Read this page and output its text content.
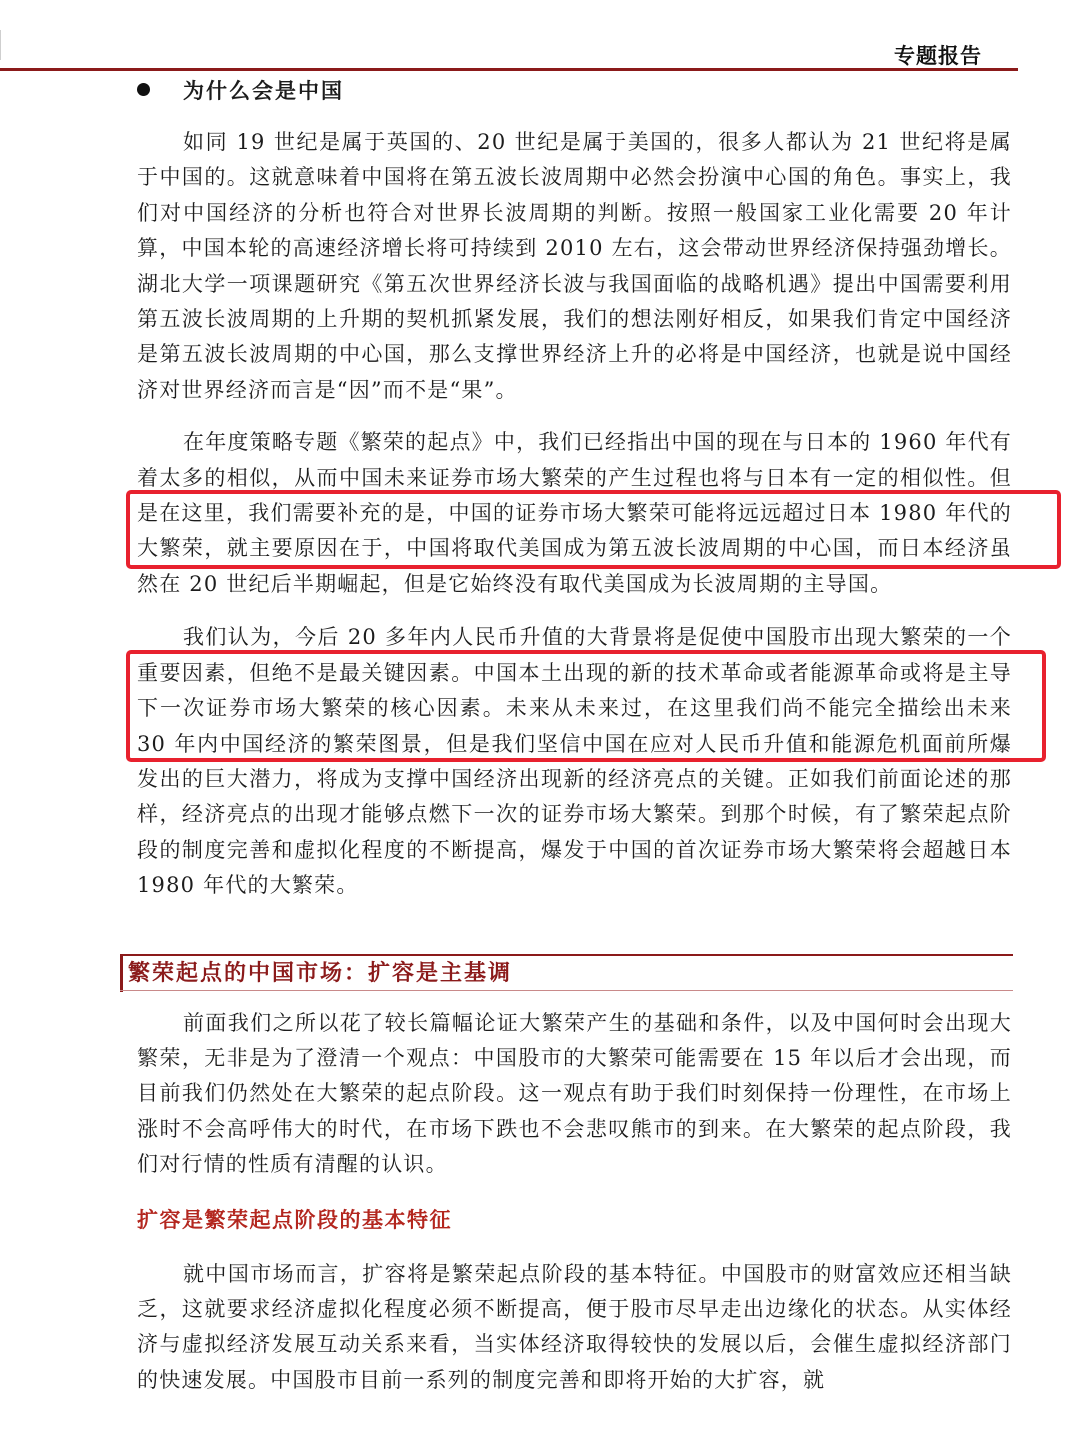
专题报告
为什么会是中国

如同 19 世纪是属于英国的、20 世纪是属于美国的，很多人都认为 21 世纪将是属于中国的。这就意味着中国将在第五波长波周期中必然会扮演中心国的角色。事实上，我们对中国经济的分析也符合对世界长波周期的判断。按照一般国家工业化需要 20 年计算，中国本轮的高速经济增长将可持续到 2010 左右，这会带动世界经济保持强劲增长。湖北大学一项课题研究《第五次世界经济长波与我国面临的战略机遇》提出中国需要利用第五波长波周期的上升期的契机抓紧发展，我们的想法刚好相反，如果我们肯定中国经济是第五波长波周期的中心国，那么支撑世界经济上升的必将是中国经济，也就是说中国经济对世界经济而言是“因”而不是“果”。

在年度策略专题《繁荣的起点》中，我们已经指出中国的现在与日本的 1960 年代有着太多的相似，从而中国未来证券市场大繁荣的产生过程也将与日本有一定的相似性。但是在这里，我们需要补充的是，中国的证券市场大繁荣可能将远远超过日本 1980 年代的大繁荣，就主要原因在于，中国将取代美国成为第五波长波周期的中心国，而日本经济虽然在 20 世纪后半期崛起，但是它始终没有取代美国成为长波周期的主导国。

我们认为，今后 20 多年内人民币升值的大背景将是促使中国股市出现大繁荣的一个重要因素，但绝不是最关键因素。中国本土出现的新的技术革命或者能源革命或将是主导下一次证券市场大繁荣的核心因素。未来从未来过，在这里我们尚不能完全描绘出未来 30 年内中国经济的繁荣图景，但是我们坚信中国在应对人民币升值和能源危机面前所爆发出的巨大潜力，将成为支撑中国经济出现新的经济亮点的关键。正如我们前面论述的那样，经济亮点的出现才能够点燃下一次的证券市场大繁荣。到那个时候，有了繁荣起点阶段的制度完善和虚拟化程度的不断提高，爆发于中国的首次证券市场大繁荣将会超越日本 1980 年代的大繁荣。

繁荣起点的中国市场：扩容是主基调

前面我们之所以花了较长篇幅论证大繁荣产生的基础和条件，以及中国何时会出现大繁荣，无非是为了澄清一个观点：中国股市的大繁荣可能需要在 15 年以后才会出现，而目前我们仍然处在大繁荣的起点阶段。这一观点有助于我们时刻保持一份理性，在市场上涨时不会高呼伟大的时代，在市场下跌也不会悲叹熊市的到来。在大繁荣的起点阶段，我们对行情的性质有清醒的认识。

扩容是繁荣起点阶段的基本特征

就中国市场而言，扩容将是繁荣起点阶段的基本特征。中国股市的财富效应还相当缺乏，这就要求经济虚拟化程度必须不断提高，便于股市尽早走出边缘化的状态。从实体经济与虚拟经济发展互动关系来看，当实体经济取得较快的发展以后，会催生虚拟经济部门的快速发展。中国股市目前一系列的制度完善和即将开始的大扩容，就
